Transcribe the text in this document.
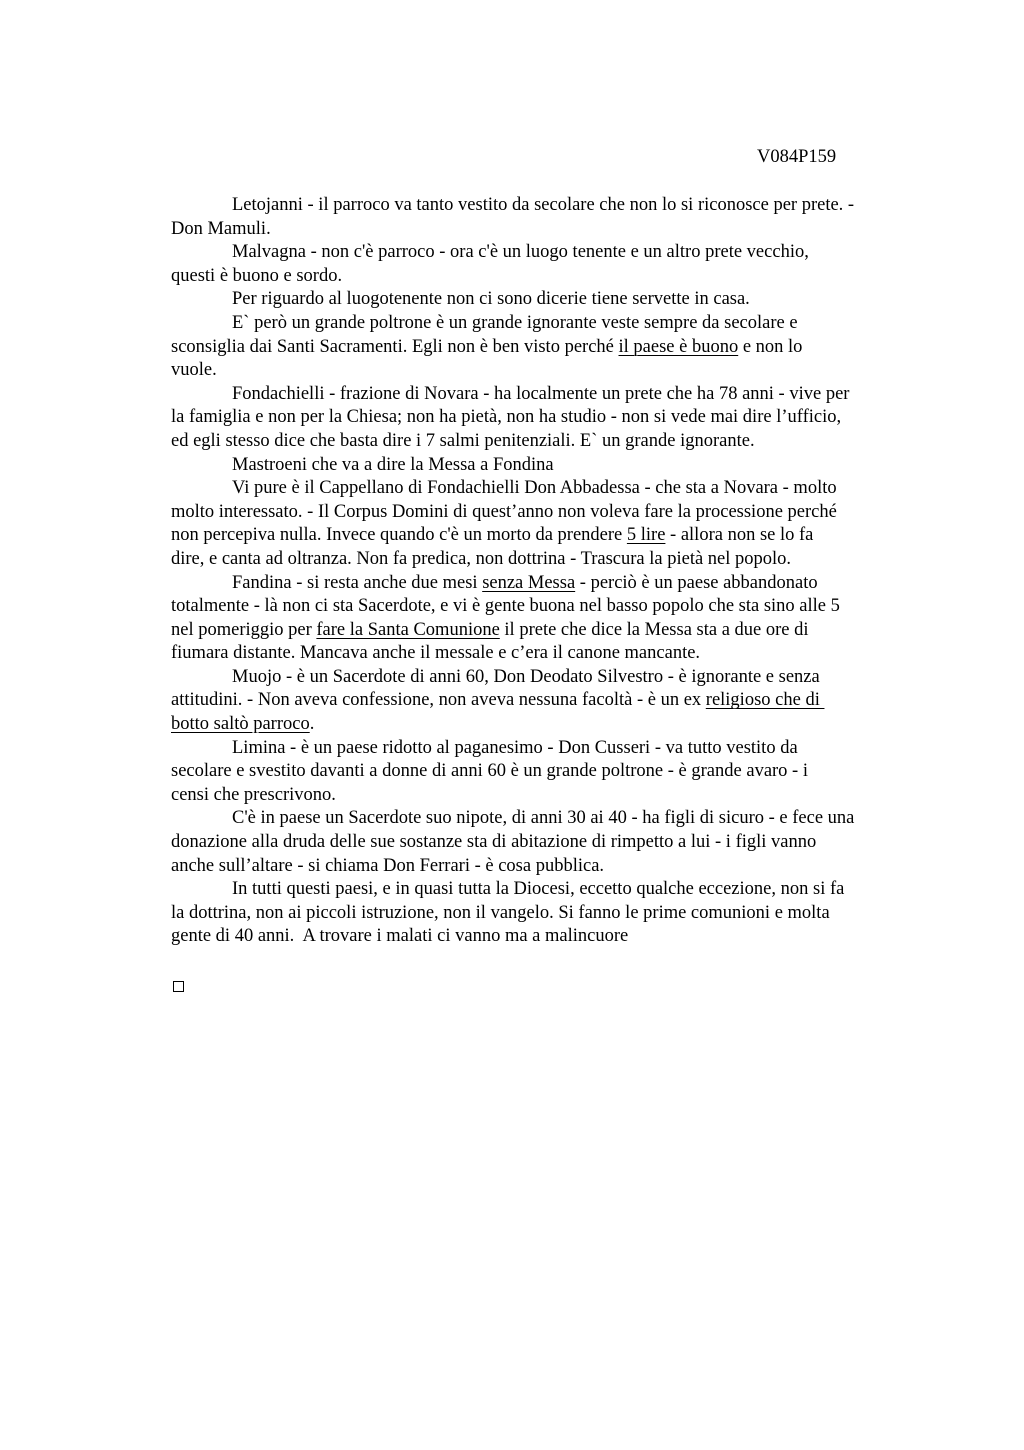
V084P159
Letojanni - il parroco va tanto vestito da secolare che non lo si riconosce per prete. -
Don Mamuli.
Malvagna - non c'è parroco - ora c'è un luogo tenente e un altro prete vecchio,
questi è buono e sordo.
Per riguardo al luogotenente non ci sono dicerie tiene servette in casa.
E` però un grande poltrone è un grande ignorante veste sempre da secolare e
sconsiglia dai Santi Sacramenti. Egli non è ben visto perché il paese è buono e non lo
vuole.
Fondachielli - frazione di Novara - ha localmente un prete che ha 78 anni - vive per
la famiglia e non per la Chiesa; non ha pietà, non ha studio - non si vede mai dire l’ufficio,
ed egli stesso dice che basta dire i 7 salmi penitenziali. E` un grande ignorante.
Mastroeni che va a dire la Messa a Fondina
Vi pure è il Cappellano di Fondachielli Don Abbadessa - che sta a Novara - molto
molto interessato. - Il Corpus Domini di quest’anno non voleva fare la processione perché
non percepiva nulla. Invece quando c'è un morto da prendere 5 lire - allora non se lo fa
dire, e canta ad oltranza. Non fa predica, non dottrina - Trascura la pietà nel popolo.
Fandina - si resta anche due mesi senza Messa - perciò è un paese abbandonato
totalmente - là non ci sta Sacerdote, e vi è gente buona nel basso popolo che sta sino alle 5
nel pomeriggio per fare la Santa Comunione il prete che dice la Messa sta a due ore di
fiumara distante. Mancava anche il messale e c’era il canone mancante.
Muojo - è un Sacerdote di anni 60, Don Deodato Silvestro - è ignorante e senza
attitudini. - Non aveva confessione, non aveva nessuna facoltà - è un ex religioso che di
botto saltò parroco.
Limina - è un paese ridotto al paganesimo - Don Cusseri - va tutto vestito da
secolare e svestito davanti a donne di anni 60 è un grande poltrone - è grande avaro - i
censi che prescrivono.
C'è in paese un Sacerdote suo nipote, di anni 30 ai 40 - ha figli di sicuro - e fece una
donazione alla druda delle sue sostanze sta di abitazione di rimpetto a lui - i figli vanno
anche sull’altare - si chiama Don Ferrari - è cosa pubblica.
In tutti questi paesi, e in quasi tutta la Diocesi, eccetto qualche eccezione, non si fa
la dottrina, non ai piccoli istruzione, non il vangelo. Si fanno le prime comunioni e molta
gente di 40 anni.  A trovare i malati ci vanno ma a malincuore
